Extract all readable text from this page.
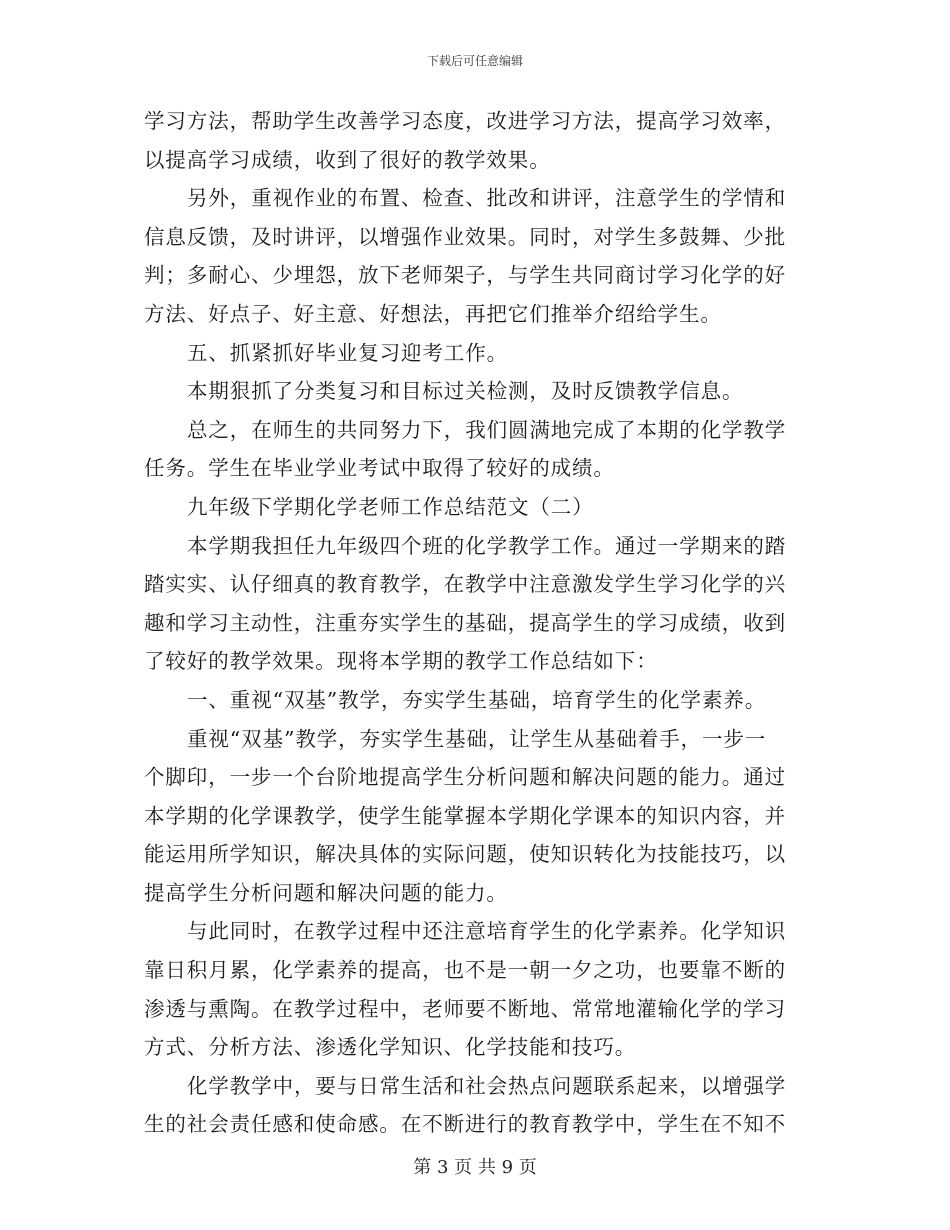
下载后可任意编辑
学习方法，帮助学生改善学习态度，改进学习方法，提高学习效率，
以提高学习成绩，收到了很好的教学效果。
另外，重视作业的布置、检查、批改和讲评，注意学生的学情和
信息反馈，及时讲评，以增强作业效果。同时，对学生多鼓舞、少批
判；多耐心、少埋怨，放下老师架子，与学生共同商讨学习化学的好
方法、好点子、好主意、好想法，再把它们推举介绍给学生。
五、抓紧抓好毕业复习迎考工作。
本期狠抓了分类复习和目标过关检测，及时反馈教学信息。
总之，在师生的共同努力下，我们圆满地完成了本期的化学教学
任务。学生在毕业学业考试中取得了较好的成绩。
九年级下学期化学老师工作总结范文（二）
本学期我担任九年级四个班的化学教学工作。通过一学期来的踏
踏实实、认仔细真的教育教学，在教学中注意激发学生学习化学的兴
趣和学习主动性，注重夯实学生的基础，提高学生的学习成绩，收到
了较好的教学效果。现将本学期的教学工作总结如下：
一、重视“双基”教学，夯实学生基础，培育学生的化学素养。
重视“双基”教学，夯实学生基础，让学生从基础着手，一步一
个脚印，一步一个台阶地提高学生分析问题和解决问题的能力。通过
本学期的化学课教学，使学生能掌握本学期化学课本的知识内容，并
能运用所学知识，解决具体的实际问题，使知识转化为技能技巧，以
提高学生分析问题和解决问题的能力。
与此同时，在教学过程中还注意培育学生的化学素养。化学知识
靠日积月累，化学素养的提高，也不是一朝一夕之功，也要靠不断的
渗透与熏陶。在教学过程中，老师要不断地、常常地灌输化学的学习
方式、分析方法、渗透化学知识、化学技能和技巧。
化学教学中，要与日常生活和社会热点问题联系起来，以增强学
生的社会责任感和使命感。在不断进行的教育教学中，学生在不知不
第 3 页 共 9 页
